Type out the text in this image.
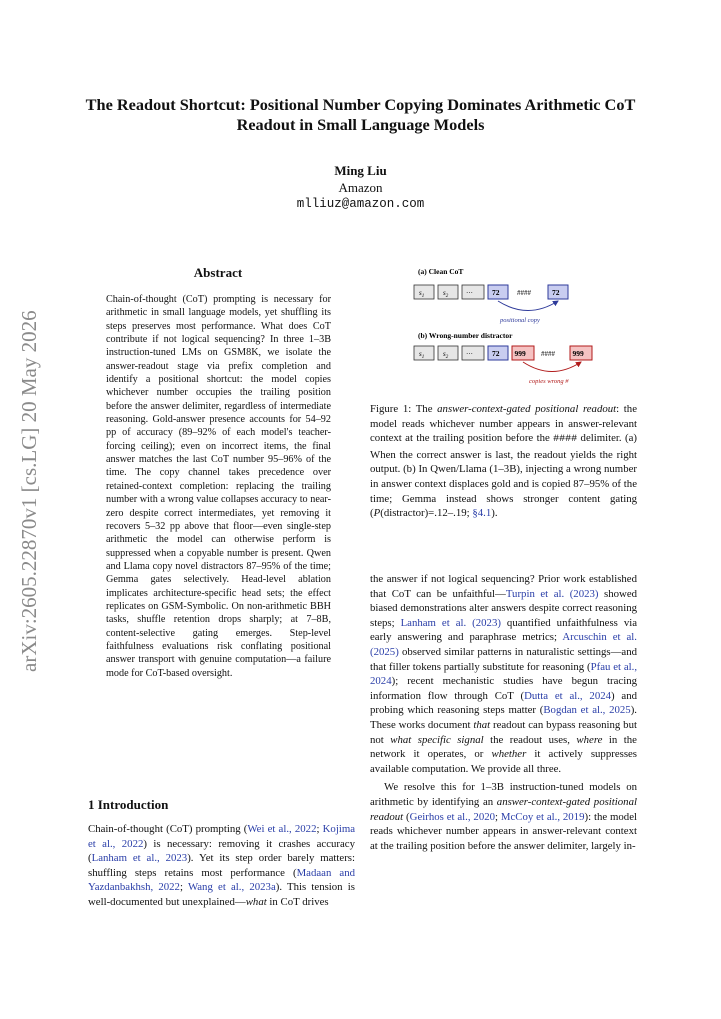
arXiv:2605.22870v1 [cs.LG] 20 May 2026
The Readout Shortcut: Positional Number Copying Dominates Arithmetic CoT Readout in Small Language Models
Ming Liu
Amazon
mlliuz@amazon.com
Abstract
Chain-of-thought (CoT) prompting is necessary for arithmetic in small language models, yet shuffling its steps preserves most performance. What does CoT contribute if not logical sequencing? In three 1–3B instruction-tuned LMs on GSM8K, we isolate the answer-readout stage via prefix completion and identify a positional shortcut: the model copies whichever number occupies the trailing position before the answer delimiter, regardless of intermediate reasoning. Gold-answer presence accounts for 54–92 pp of accuracy (89–92% of each model's teacher-forcing ceiling); even on incorrect items, the final answer matches the last CoT number 95–96% of the time. The copy channel takes precedence over retained-context completion: replacing the trailing number with a wrong value collapses accuracy to near-zero despite correct intermediates, yet removing it recovers 5–32 pp above that floor—even single-step arithmetic the model can otherwise perform is suppressed when a copyable number is present. Qwen and Llama copy novel distractors 87–95% of the time; Gemma gates selectively. Head-level ablation implicates architecture-specific head sets; the effect replicates on GSM-Symbolic. On non-arithmetic BBH tasks, shuffle retention drops sharply; at 7–8B, content-selective gating emerges. Step-level faithfulness evaluations risk conflating positional answer transport with genuine computation—a failure mode for CoT-based oversight.
1 Introduction

Chain-of-thought (CoT) prompting (Wei et al., 2022; Kojima et al., 2022) is necessary: removing it crashes accuracy (Lanham et al., 2023). Yet its step order barely matters: shuffling steps retains most performance (Madaan and Yazdanbakhsh, 2022; Wang et al., 2023a). This tension is well-documented but unexplained—what in CoT drives

(a) Clean CoT
$s_1$	$s_2$	···	72	####	72
positional copy
(b) Wrong-number distractor
$s_1$	$s_2$	···	72 999 #### 999
copies wrong #
Figure 1: The answer-context-gated positional readout: the model reads whichever number appears in answer-relevant context at the trailing position before the #### delimiter. (a) When the correct answer is last, the readout yields the right output. (b) In Qwen/Llama (1–3B), injecting a wrong number in answer context displaces gold and is copied 87–95% of the time; Gemma instead shows stronger content gating (P(distractor)=.12–.19; §4.1).

the answer if not logical sequencing? Prior work established that CoT can be unfaithful—Turpin et al. (2023) showed biased demonstrations alter answers despite correct reasoning steps; Lanham et al. (2023) quantified unfaithfulness via early answering and paraphrase metrics; Arcuschin et al. (2025) observed similar patterns in naturalistic settings—and that filler tokens partially substitute for reasoning (Pfau et al., 2024); recent mechanistic studies have begun tracing information flow through CoT (Dutta et al., 2024) and probing which reasoning steps matter (Bogdan et al., 2025). These works document that readout can bypass reasoning but not what specific signal the readout uses, where in the network it operates, or whether it actively suppresses available computation. We provide all three.

We resolve this for 1–3B instruction-tuned models on arithmetic by identifying an answer-context-gated positional readout (Geirhos et al., 2020; McCoy et al., 2019): the model reads whichever number appears in answer-relevant context at the trailing position before the answer delimiter, largely in-
